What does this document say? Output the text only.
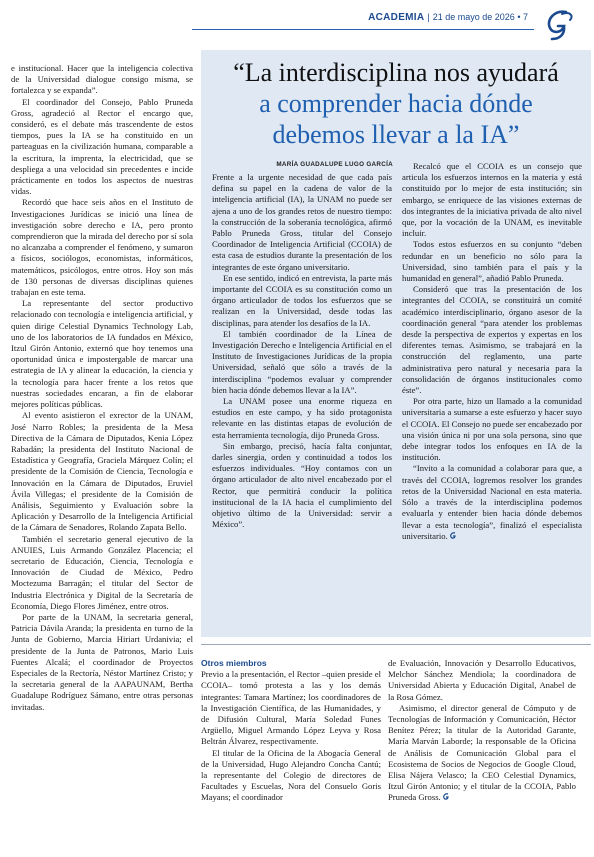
ACADEMIA | 21 de mayo de 2026 • 7

e institucional. Hacer que la inteligencia colectiva de la Universidad dialogue consigo misma, se fortalezca y se expanda”.

El coordinador del Consejo, Pablo Pruneda Gross, agradeció al Rector el encargo que, consideró, es el debate más trascendente de estos tiempos, pues la IA se ha constituido en un parteaguas en la civilización humana, comparable a la escritura, la imprenta, la electricidad, que se despliega a una velocidad sin precedentes e incide prácticamente en todos los aspectos de nuestras vidas.

Recordó que hace seis años en el Instituto de Investigaciones Jurídicas se inició una línea de investigación sobre derecho e IA, pero pronto comprendieron que la mirada del derecho por sí sola no alcanzaba a comprender el fenómeno, y sumaron a físicos, sociólogos, economistas, informáticos, matemáticos, psicólogos, entre otros. Hoy son más de 130 personas de diversas disciplinas quienes trabajan en este tema.

La representante del sector productivo relacionado con tecnología e inteligencia artificial, y quien dirige Celestial Dynamics Technology Lab, uno de los laboratorios de IA fundados en México, Itzul Girón Antonio, externó que hoy tenemos una oportunidad única e impostergable de marcar una estrategia de IA y alinear la educación, la ciencia y la tecnología para hacer frente a los retos que nuestras sociedades encaran, a fin de elaborar mejores políticas públicas.

Al evento asistieron el exrector de la UNAM, José Narro Robles; la presidenta de la Mesa Directiva de la Cámara de Diputados, Kenia López Rabadán; la presidenta del Instituto Nacional de Estadística y Geografía, Graciela Márquez Colín; el presidente de la Comisión de Ciencia, Tecnología e Innovación en la Cámara de Diputados, Eruviel Ávila Villegas; el presidente de la Comisión de Análisis, Seguimiento y Evaluación sobre la Aplicación y Desarrollo de la Inteligencia Artificial de la Cámara de Senadores, Rolando Zapata Bello.

También el secretario general ejecutivo de la ANUIES, Luis Armando González Placencia; el secretario de Educación, Ciencia, Tecnología e Innovación de Ciudad de México, Pedro Moctezuma Barragán; el titular del Sector de Industria Electrónica y Digital de la Secretaría de Economía, Diego Flores Jiménez, entre otros.

Por parte de la UNAM, la secretaria general, Patricia Dávila Aranda; la presidenta en turno de la Junta de Gobierno, Marcia Hiriart Urdanivia; el presidente de la Junta de Patronos, Mario Luis Fuentes Alcalá; el coordinador de Proyectos Especiales de la Rectoría, Néstor Martínez Cristo; y la secretaria general de la AAPAUNAM, Bertha Guadalupe Rodríguez Sámano, entre otras personas invitadas.

“La interdisciplina nos ayudará
a comprender hacia dónde
debemos llevar a la IA”
MARÍA GUADALUPE LUGO GARCÍA

Frente a la urgente necesidad de que cada país defina su papel en la cadena de valor de la inteligencia artificial (IA), la UNAM no puede ser ajena a uno de los grandes retos de nuestro tiempo: la construcción de la soberanía tecnológica, afirmó Pablo Pruneda Gross, titular del Consejo Coordinador de Inteligencia Artificial (CCOIA) de esta casa de estudios durante la presentación de los integrantes de este órgano universitario.

En ese sentido, indicó en entrevista, la parte más importante del CCOIA es su constitución como un órgano articulador de todos los esfuerzos que se realizan en la Universidad, desde todas las disciplinas, para atender los desafíos de la IA.

El también coordinador de la Línea de Investigación Derecho e Inteligencia Artificial en el Instituto de Investigaciones Jurídicas de la propia Universidad, señaló que sólo a través de la interdisciplina “podemos evaluar y comprender bien hacia dónde debemos llevar a la IA”.

La UNAM posee una enorme riqueza en estudios en este campo, y ha sido protagonista relevante en las distintas etapas de evolución de esta herramienta tecnología, dijo Pruneda Gross.

Sin embargo, precisó, hacía falta conjuntar, darles sinergia, orden y continuidad a todos los esfuerzos individuales. “Hoy contamos con un órgano articulador de alto nivel encabezado por el Rector, que permitirá conducir la política institucional de la IA hacia el cumplimiento del objetivo último de la Universidad: servir a México”.

Recalcó que el CCOIA es un consejo que articula los esfuerzos internos en la materia y está constituido por lo mejor de esta institución; sin embargo, se enriquece de las visiones externas de dos integrantes de la iniciativa privada de alto nivel que, por la vocación de la UNAM, es inevitable incluir.

Todos estos esfuerzos en su conjunto “deben redundar en un beneficio no sólo para la Universidad, sino también para el país y la humanidad en general”, añadió Pablo Pruneda.

Consideró que tras la presentación de los integrantes del CCOIA, se constituirá un comité académico interdisciplinario, órgano asesor de la coordinación general “para atender los problemas desde la perspectiva de expertos y expertas en los diferentes temas. Asimismo, se trabajará en la construcción del reglamento, una parte administrativa pero natural y necesaria para la consolidación de órganos institucionales como éste”.

Por otra parte, hizo un llamado a la comunidad universitaria a sumarse a este esfuerzo y hacer suyo el CCOIA. El Consejo no puede ser encabezado por una visión única ni por una sola persona, sino que debe integrar todos los enfoques en IA de la institución.

“Invito a la comunidad a colaborar para que, a través del CCOIA, logremos resolver los grandes retos de la Universidad Nacional en esta materia. Sólo a través de la interdisciplina podemos evaluarla y entender bien hacia dónde debemos llevar a esta tecnología”, finalizó el especialista universitario.

Otros miembros

Previo a la presentación, el Rector –quien preside el CCOIA– tomó protesta a las y los demás integrantes: Tamara Martínez; los coordinadores de la Investigación Científica, de las Humanidades, y de Difusión Cultural, María Soledad Funes Argüello, Miguel Armando López Leyva y Rosa Beltrán Álvarez, respectivamente.

El titular de la Oficina de la Abogacía General de la Universidad, Hugo Alejandro Concha Cantú; la representante del Colegio de directores de Facultades y Escuelas, Nora del Consuelo Goris Mayans; el coordinador

de Evaluación, Innovación y Desarrollo Educativos, Melchor Sánchez Mendiola; la coordinadora de Universidad Abierta y Educación Digital, Anabel de la Rosa Gómez.

Asimismo, el director general de Cómputo y de Tecnologías de Información y Comunicación, Héctor Benítez Pérez; la titular de la Autoridad Garante, María Marván Laborde; la responsable de la Oficina de Análisis de Comunicación Global para el Ecosistema de Socios de Negocios de Google Cloud, Elisa Nájera Velasco; la CEO Celestial Dynamics, Itzul Girón Antonio; y el titular de la CCOIA, Pablo Pruneda Gross.
